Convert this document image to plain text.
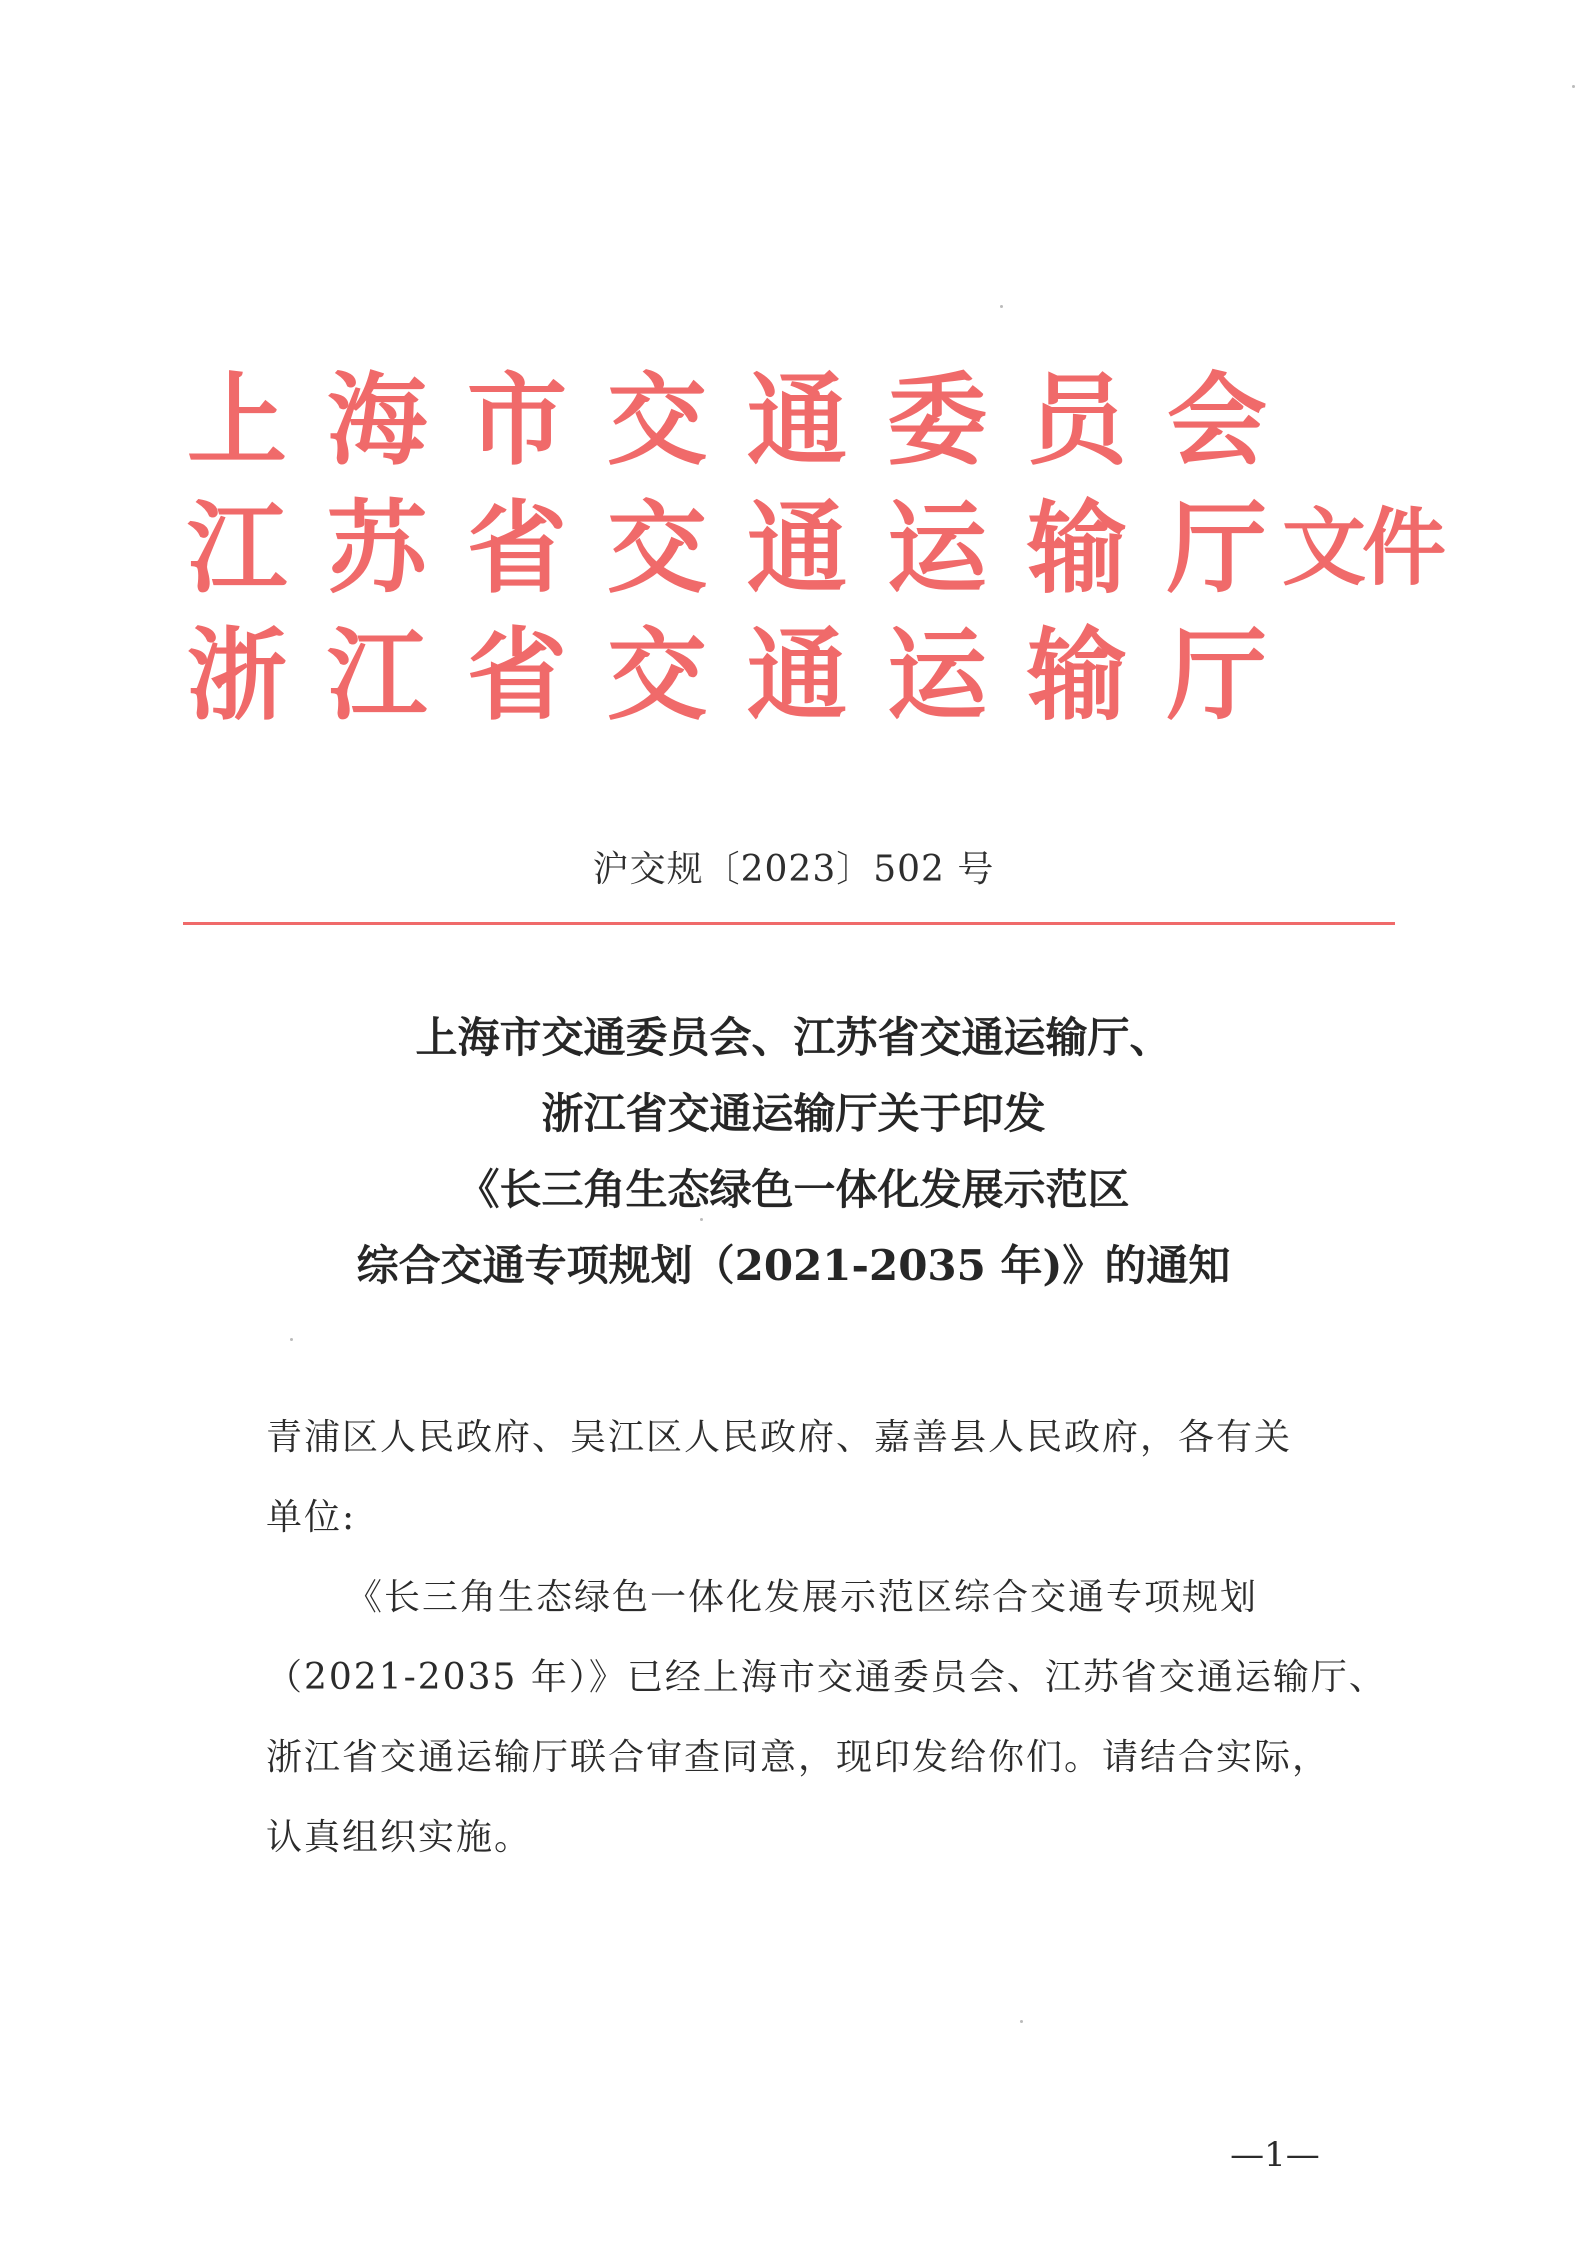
上 海 市 交 通 委 员 会
江 苏 省 交 通 运 输 厅
浙 江 省 交 通 运 输 厅
文件
沪交规〔2023〕502 号
上海市交通委员会、江苏省交通运输厅、
浙江省交通运输厅关于印发
《长三角生态绿色一体化发展示范区
综合交通专项规划（2021-2035 年)》的通知
青浦区人民政府、吴江区人民政府、嘉善县人民政府，各有关
单位:
《长三角生态绿色一体化发展示范区综合交通专项规划
（2021-2035 年）》已经上海市交通委员会、江苏省交通运输厅、
浙江省交通运输厅联合审查同意，现印发给你们。请结合实际，
认真组织实施。
—1—
